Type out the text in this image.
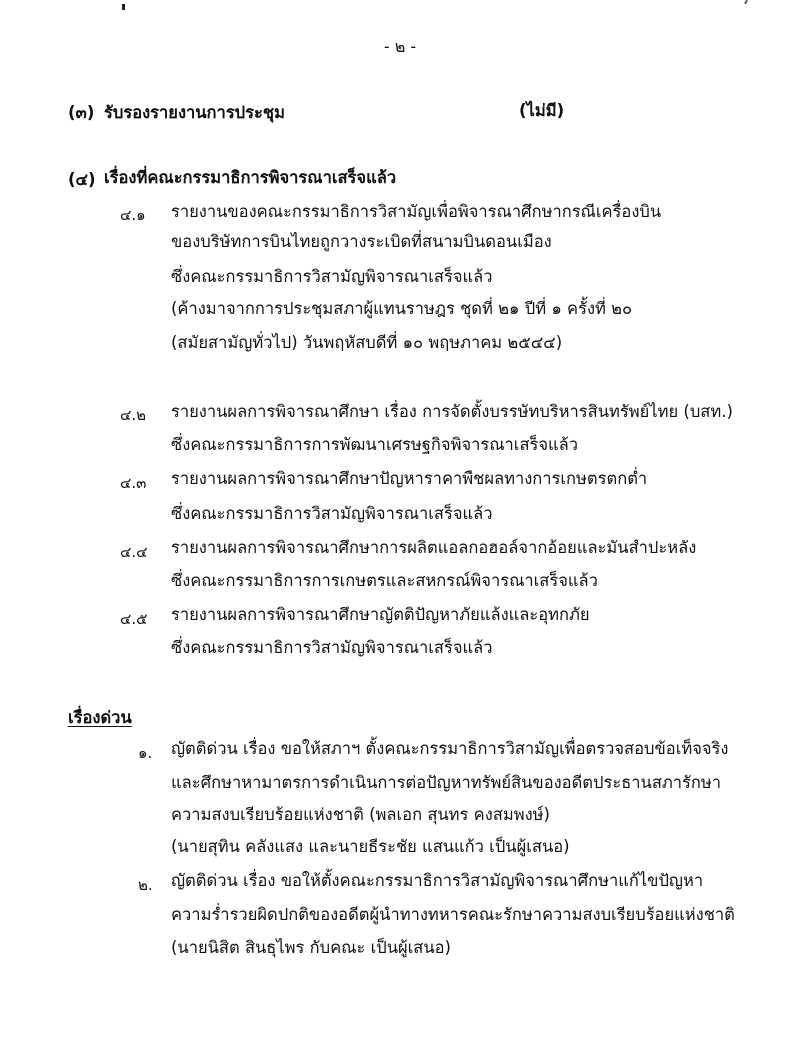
- ๒ -
(๓) รับรองรายงานการประชุม	(ไม่มี)
(๔) เรื่องที่คณะกรรมาธิการพิจารณาเสร็จแล้ว
๔.๑ รายงานของคณะกรรมาธิการวิสามัญเพื่อพิจารณาศึกษากรณีเครื่องบิน
ของบริษัทการบินไทยถูกวางระเบิดที่สนามบินดอนเมือง
ซึ่งคณะกรรมาธิการวิสามัญพิจารณาเสร็จแล้ว
(ค้างมาจากการประชุมสภาผู้แทนราษฎร ชุดที่ ๒๑ ปีที่ ๑ ครั้งที่ ๒๐
(สมัยสามัญทั่วไป) วันพฤหัสบดีที่ ๑๐ พฤษภาคม ๒๕๔๔)
๔.๒ รายงานผลการพิจารณาศึกษา เรื่อง การจัดตั้งบรรษัทบริหารสินทรัพย์ไทย (บสท.)
ซึ่งคณะกรรมาธิการการพัฒนาเศรษฐกิจพิจารณาเสร็จแล้ว
๔.๓ รายงานผลการพิจารณาศึกษาปัญหาราคาพืชผลทางการเกษตรตกต่ำ
ซึ่งคณะกรรมาธิการวิสามัญพิจารณาเสร็จแล้ว
๔.๔ รายงานผลการพิจารณาศึกษาการผลิตแอลกอฮอล์จากอ้อยและมันสำปะหลัง
ซึ่งคณะกรรมาธิการการเกษตรและสหกรณ์พิจารณาเสร็จแล้ว
๔.๕ รายงานผลการพิจารณาศึกษาญัตติปัญหาภัยแล้งและอุทกภัย
ซึ่งคณะกรรมาธิการวิสามัญพิจารณาเสร็จแล้ว
เรื่องด่วน
๑. ญัตติด่วน เรื่อง ขอให้สภาฯ ตั้งคณะกรรมาธิการวิสามัญเพื่อตรวจสอบข้อเท็จจริง
และศึกษาหามาตรการดำเนินการต่อปัญหาทรัพย์สินของอดีตประธานสภารักษา
ความสงบเรียบร้อยแห่งชาติ (พลเอก สุนทร คงสมพงษ์)
(นายสุทิน คลังแสง และนายธีระชัย แสนแก้ว เป็นผู้เสนอ)
๒. ญัตติด่วน เรื่อง ขอให้ตั้งคณะกรรมาธิการวิสามัญพิจารณาศึกษาแก้ไขปัญหา
ความร่ำรวยผิดปกติของอดีตผู้นำทางทหารคณะรักษาความสงบเรียบร้อยแห่งชาติ
(นายนิสิต สินธุไพร กับคณะ เป็นผู้เสนอ)
